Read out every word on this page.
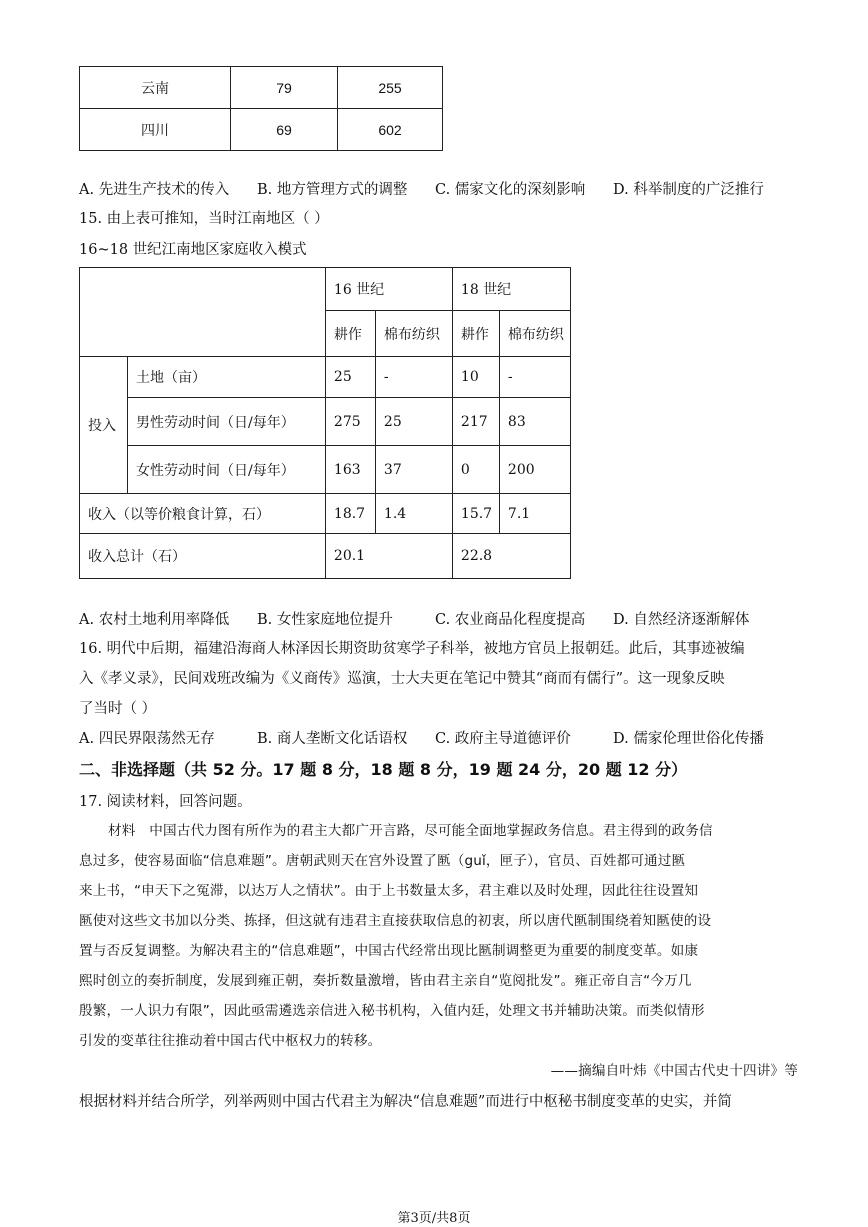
云南	79	255
四川	69	602
A. 先进生产技术的传入	B. 地方管理方式的调整	C. 儒家文化的深刻影响	D. 科举制度的广泛推行
15. 由上表可推知，当时江南地区（ ）
16~18 世纪江南地区家庭收入模式
		16 世纪		18 世纪	
		耕作	棉布纺织	耕作	棉布纺织
投入	土地（亩）	25	-	10	-
	男性劳动时间（日/每年）	275	25	217	83
	女性劳动时间（日/每年）	163	37	0	200
收入（以等价粮食计算，石）		18.7	1.4	15.7	7.1
收入总计（石）		20.1		22.8	
A. 农村土地利用率降低	B. 女性家庭地位提升	C. 农业商品化程度提高	D. 自然经济逐渐解体
16. 明代中后期，福建沿海商人林泽因长期资助贫寒学子科举，被地方官员上报朝廷。此后，其事迹被编
入《孝义录》，民间戏班改编为《义商传》巡演，士大夫更在笔记中赞其“商而有儒行”。这一现象反映
了当时（ ）
A. 四民界限荡然无存	B. 商人垄断文化话语权	C. 政府主导道德评价	D. 儒家伦理世俗化传播
二、非选择题（共 52 分。17 题 8 分，18 题 8 分，19 题 24 分，20 题 12 分）
17. 阅读材料，回答问题。
材料　中国古代力图有所作为的君主大都广开言路，尽可能全面地掌握政务信息。君主得到的政务信
息过多，使容易面临“信息难题”。唐朝武则天在宫外设置了匦（guǐ，匣子），官员、百姓都可通过匦
来上书，“申天下之冤滞，以达万人之情状”。由于上书数量太多，君主难以及时处理，因此往往设置知
匦使对这些文书加以分类、拣择，但这就有违君主直接获取信息的初衷，所以唐代匦制围绕着知匦使的设
置与否反复调整。为解决君主的“信息难题”，中国古代经常出现比匦制调整更为重要的制度变革。如康
熙时创立的奏折制度，发展到雍正朝，奏折数量激增，皆由君主亲自“览阅批发”。雍正帝自言“今万几
殷繁，一人识力有限”，因此亟需遴选亲信进入秘书机构，入值内廷，处理文书并辅助决策。而类似情形
引发的变革往往推动着中国古代中枢权力的转移。
——摘编自叶炜《中国古代史十四讲》等
根据材料并结合所学，列举两则中国古代君主为解决“信息难题”而进行中枢秘书制度变革的史实，并简
第3页/共8页
